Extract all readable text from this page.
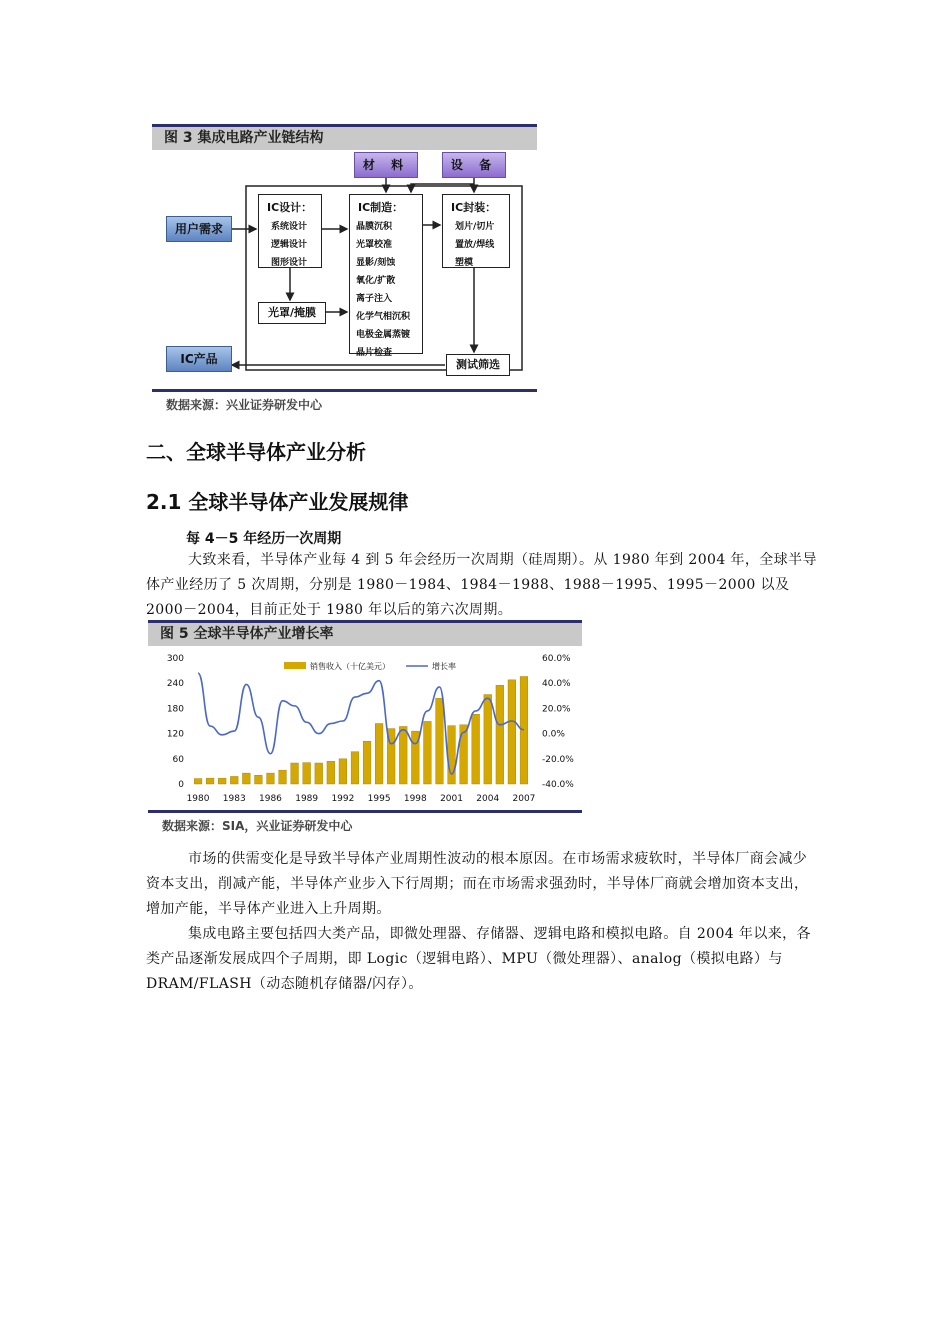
图 3 集成电路产业链结构
材 料	设 备
用户需求
IC产品
IC设计：
系统设计
逻辑设计
图形设计
光罩/掩膜
IC制造：
晶膜沉积
光罩校准
显影/刻蚀
氧化/扩散
离子注入
化学气相沉积
电极金属蒸镀
晶片检查
IC封装：
划片/切片
置放/焊线
塑模
测试筛选
数据来源：兴业证券研发中心
二、全球半导体产业分析
2.1 全球半导体产业发展规律
每 4－5 年经历一次周期
大致来看，半导体产业每 4 到 5 年会经历一次周期（硅周期）。从 1980 年到 2004 年，全球半导体产业经历了 5 次周期，分别是 1980－1984、1984－1988、1988－1995、1995－2000 以及 2000－2004，目前正处于 1980 年以后的第六次周期。
图 5 全球半导体产业增长率
0
60
120
180
240
300
-40.0%
-20.0%
0.0%
20.0%
40.0%
60.0%
1980 1983 1986 1989 1992 1995 1998 2001 2004 2007
销售收入（十亿美元）	增长率
数据来源：SIA，兴业证券研发中心
市场的供需变化是导致半导体产业周期性波动的根本原因。在市场需求疲软时，半导体厂商会减少资本支出，削减产能，半导体产业步入下行周期；而在市场需求强劲时，半导体厂商就会增加资本支出，增加产能，半导体产业进入上升周期。
集成电路主要包括四大类产品，即微处理器、存储器、逻辑电路和模拟电路。自 2004 年以来，各类产品逐渐发展成四个子周期，即 Logic（逻辑电路）、MPU（微处理器）、analog（模拟电路）与 DRAM/FLASH（动态随机存储器/闪存）。
